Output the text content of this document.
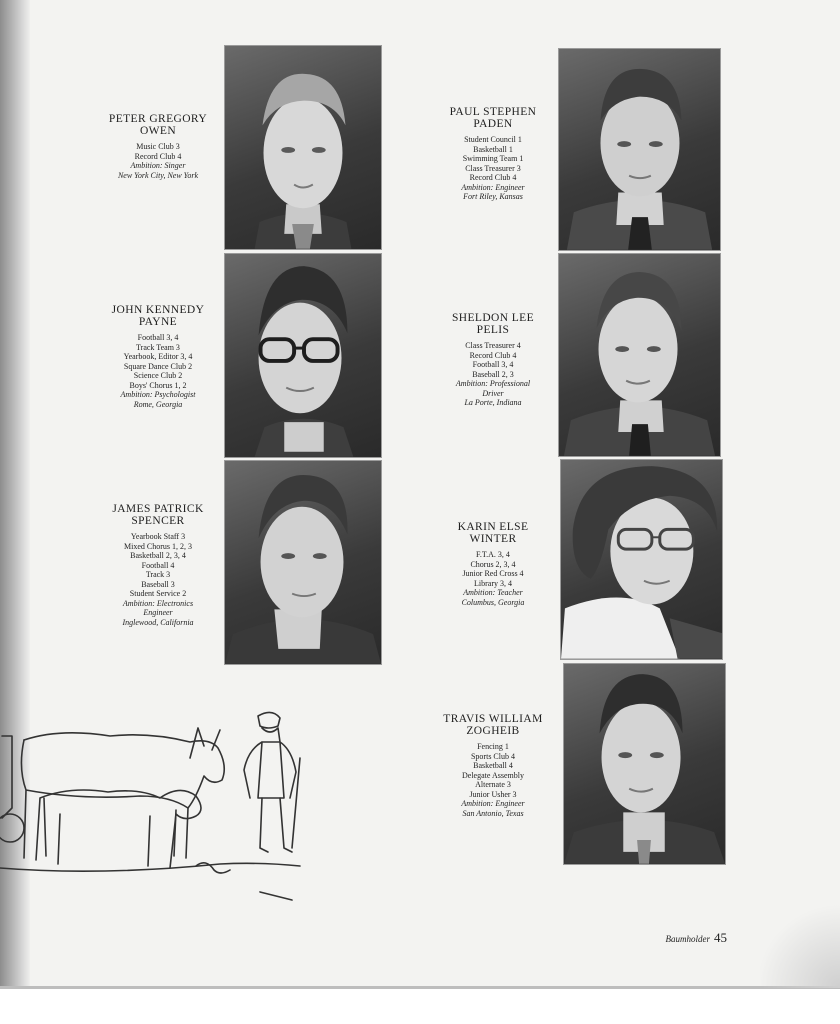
PETER GREGORY
OWEN
Music Club 3
Record Club 4
Ambition: Singer
New York City, New York
PAUL STEPHEN
PADEN
Student Council 1
Basketball 1
Swimming Team 1
Class Treasurer 3
Record Club 4
Ambition: Engineer
Fort Riley, Kansas
JOHN KENNEDY
PAYNE
Football 3, 4
Track Team 3
Yearbook, Editor 3, 4
Square Dance Club 2
Science Club 2
Boys' Chorus 1, 2
Ambition: Psychologist
Rome, Georgia
SHELDON LEE
PELIS
Class Treasurer 4
Record Club 4
Football 3, 4
Baseball 2, 3
Ambition: Professional
Driver
La Porte, Indiana
JAMES PATRICK
SPENCER
Yearbook Staff 3
Mixed Chorus 1, 2, 3
Basketball 2, 3, 4
Football 4
Track 3
Baseball 3
Student Service 2
Ambition: Electronics
Engineer
Inglewood, California
KARIN ELSE
WINTER
F.T.A. 3, 4
Chorus 2, 3, 4
Junior Red Cross 4
Library 3, 4
Ambition: Teacher
Columbus, Georgia
TRAVIS WILLIAM
ZOGHEIB
Fencing 1
Sports Club 4
Basketball 4
Delegate Assembly
Alternate 3
Junior Usher 3
Ambition: Engineer
San Antonio, Texas
Baumholder 45
